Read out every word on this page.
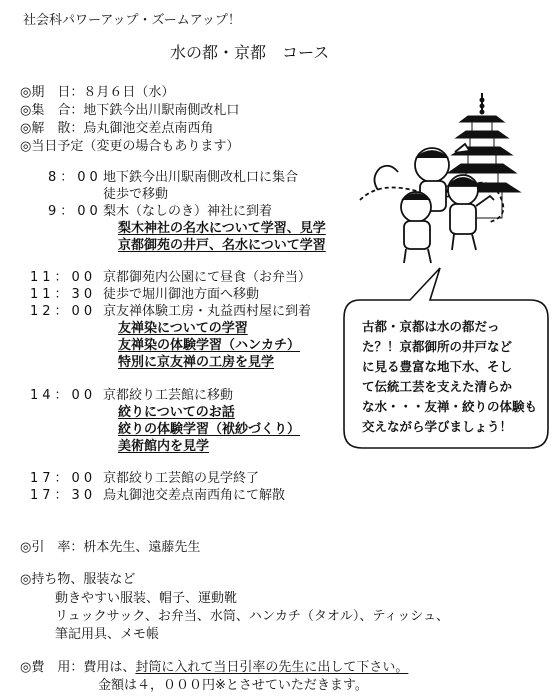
社会科パワーアップ・ズームアップ！
水の都・京都　コース
◎期　日：８月６日（水）
◎集　合：地下鉄今出川駅南側改札口
◎解　散：烏丸御池交差点南西角
◎当日予定（変更の場合もあります）
8：00 地下鉄今出川駅南側改札口に集合
徒歩で移動
9：00 梨木（なしのき）神社に到着
梨木神社の名水について学習、見学
京都御苑の井戸、名水について学習
11：00 京都御苑内公園にて昼食（お弁当）
11：30 徒歩で堀川御池方面へ移動
12：00 京友禅体験工房・丸益西村屋に到着
友禅染についての学習
友禅染の体験学習（ハンカチ）
特別に京友禅の工房を見学
14：00 京都絞り工芸館に移動
絞りについてのお話
絞りの体験学習（袱紗づくり）
美術館内を見学
17：00 京都絞り工芸館の見学終了
17：30 烏丸御池交差点南西角にて解散
古都・京都は水の都だっ
た？！京都御所の井戸など
に見る豊富な地下水、そし
て伝統工芸を支えた清らか
な水・・・友禅・絞りの体験も
交えながら学びましょう！
◎引　率：枡本先生、遠藤先生
◎持ち物、服装など
動きやすい服装、帽子、運動靴
リュックサック、お弁当、水筒、ハンカチ（タオル）、ティッシュ、
筆記用具、メモ帳
◎費　用：費用は、封筒に入れて当日引率の先生に出して下さい。
金額は４，０００円※とさせていただきます。
